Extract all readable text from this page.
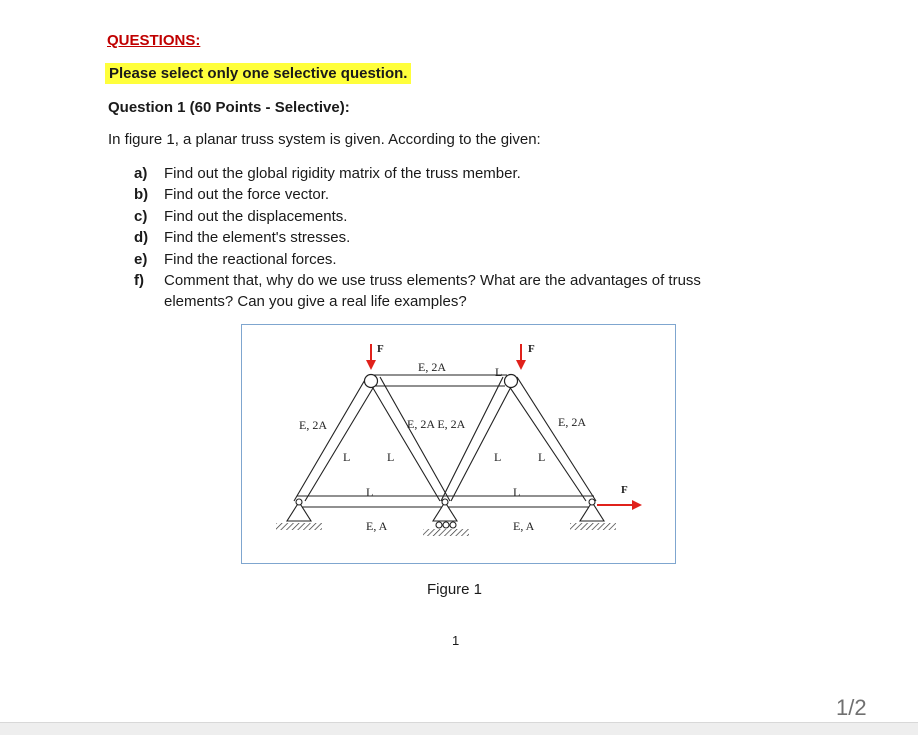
QUESTIONS:
Please select only one selective question.
Question 1 (60 Points - Selective):
In figure 1, a planar truss system is given. According to the given:
a)	Find out the global rigidity matrix of the truss member.
b)	Find out the force vector.
c)	Find out the displacements.
d)	Find the element's stresses.
e)	Find the reactional forces.
f)	Comment that, why do we use truss elements? What are the advantages of truss
elements? Can you give a real life examples?
F	F
F
E, 2A	L
E, 2A	E, 2A E, 2A	E, 2A
L	L	L	L
L	L
E, A	E, A
Figure 1
1
1/2
